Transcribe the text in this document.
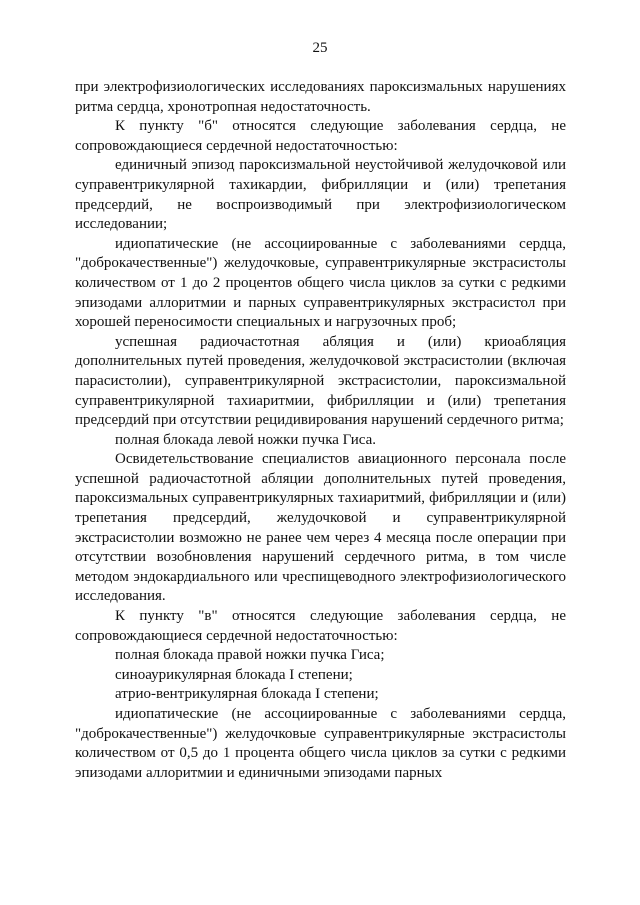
25

при электрофизиологических исследованиях пароксизмальных нарушениях ритма сердца, хронотропная недостаточность.

К пункту "б" относятся следующие заболевания сердца, не сопровождающиеся сердечной недостаточностью:

единичный эпизод пароксизмальной неустойчивой желудочковой или суправентрикулярной тахикардии, фибрилляции и (или) трепетания предсердий, не воспроизводимый при электрофизиологическом исследовании;

идиопатические (не ассоциированные с заболеваниями сердца, "доброкачественные") желудочковые, суправентрикулярные экстрасистолы количеством от 1 до 2 процентов общего числа циклов за сутки с редкими эпизодами аллоритмии и парных суправентрикулярных экстрасистол при хорошей переносимости специальных и нагрузочных проб;

успешная радиочастотная абляция и (или) криоабляция дополнительных путей проведения, желудочковой экстрасистолии (включая парасистолии), суправентрикулярной экстрасистолии, пароксизмальной суправентрикулярной тахиаритмии, фибрилляции и (или) трепетания предсердий при отсутствии рецидивирования нарушений сердечного ритма;

полная блокада левой ножки пучка Гиса.

Освидетельствование специалистов авиационного персонала после успешной радиочастотной абляции дополнительных путей проведения, пароксизмальных суправентрикулярных тахиаритмий, фибрилляции и (или) трепетания предсердий, желудочковой и суправентрикулярной экстрасистолии возможно не ранее чем через 4 месяца после операции при отсутствии возобновления нарушений сердечного ритма, в том числе методом эндокардиального или чреспищеводного электрофизиологического исследования.

К пункту "в" относятся следующие заболевания сердца, не сопровождающиеся сердечной недостаточностью:

полная блокада правой ножки пучка Гиса;

синоаурикулярная блокада I степени;

атрио-вентрикулярная блокада I степени;

идиопатические (не ассоциированные с заболеваниями сердца, "доброкачественные") желудочковые суправентрикулярные экстрасистолы количеством от 0,5 до 1 процента общего числа циклов за сутки с редкими эпизодами аллоритмии и единичными эпизодами парных
